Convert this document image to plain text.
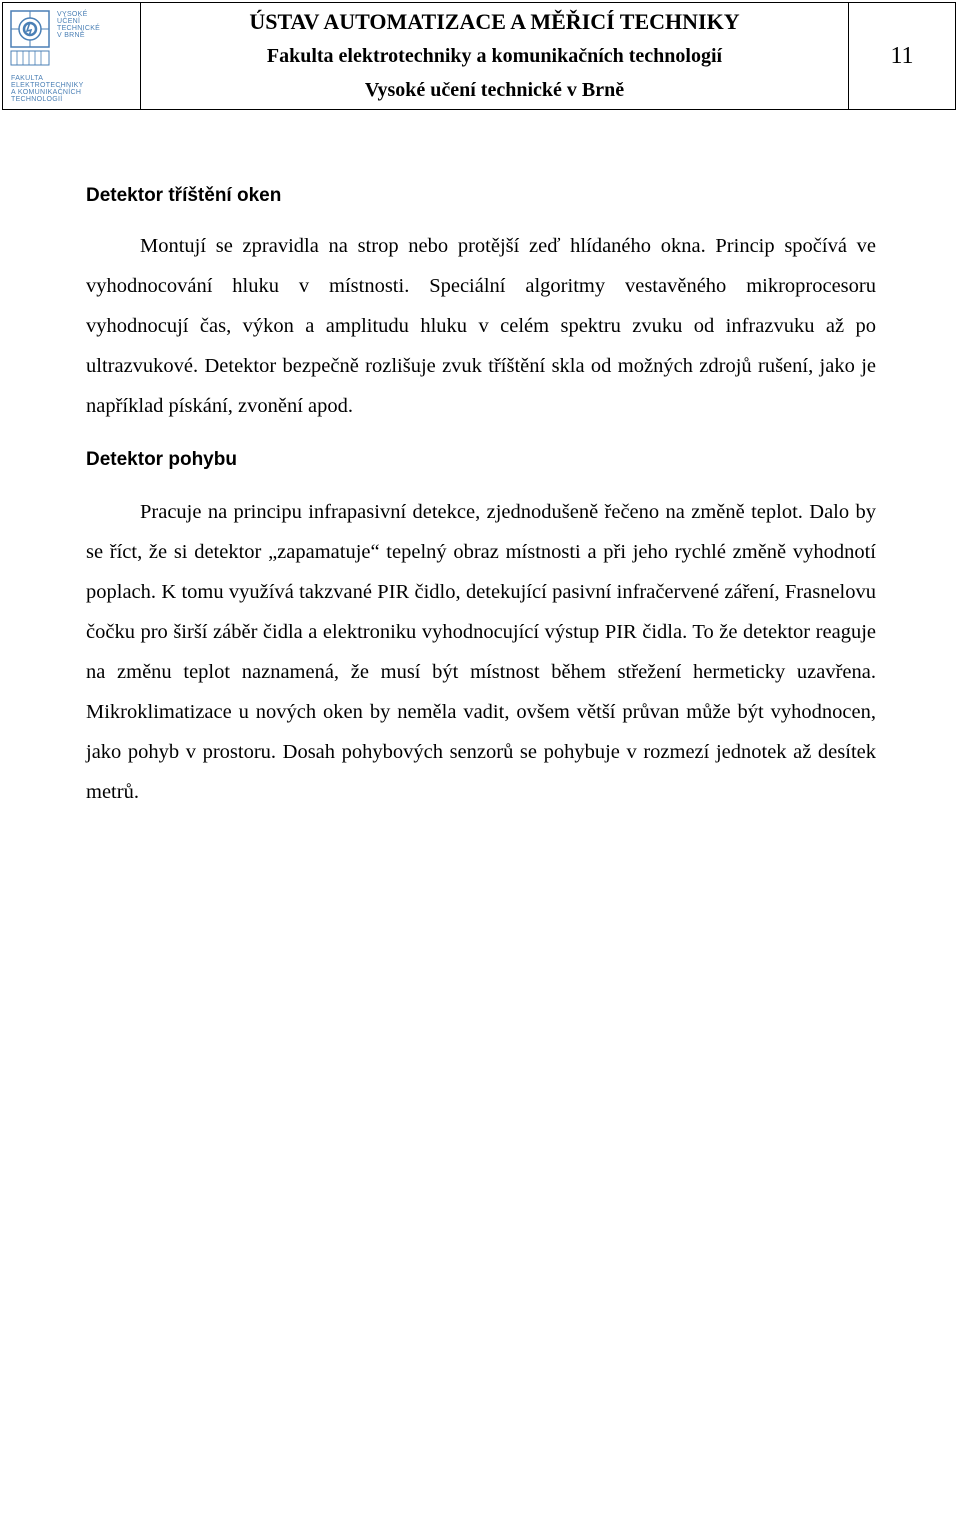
VYSOKÉ
UČENÍ
TECHNICKÉ
V BRNĚ
FAKULTA
ELEKTROTECHNIKY
A KOMUNIKAČNÍCH
TECHNOLOGIÍ
ÚSTAV AUTOMATIZACE A MĚŘICÍ TECHNIKY
Fakulta elektrotechniky a komunikačních technologií
Vysoké učení technické v Brně
11
Detektor tříštění oken

Montují se zpravidla na strop nebo protější zeď hlídaného okna. Princip spočívá ve vyhodnocování hluku v místnosti. Speciální algoritmy vestavěného mikroprocesoru vyhodnocují čas, výkon a amplitudu hluku v celém spektru zvuku od infrazvuku až po ultrazvukové. Detektor bezpečně rozlišuje zvuk tříštění skla od možných zdrojů rušení, jako je například pískání, zvonění apod.

Detektor pohybu

Pracuje na principu infrapasivní detekce, zjednodušeně řečeno na změně teplot. Dalo by se říct, že si detektor „zapamatuje“ tepelný obraz místnosti a při jeho rychlé změně vyhodnotí poplach. K tomu využívá takzvané PIR čidlo, detekující pasivní infračervené záření, Frasnelovu čočku pro širší záběr čidla a elektroniku vyhodnocující výstup PIR čidla. To že detektor reaguje na změnu teplot naznamená, že musí být místnost během střežení hermeticky uzavřena. Mikroklimatizace u nových oken by neměla vadit, ovšem větší průvan může být vyhodnocen, jako pohyb v prostoru. Dosah pohybových senzorů se pohybuje v rozmezí jednotek až desítek metrů.
